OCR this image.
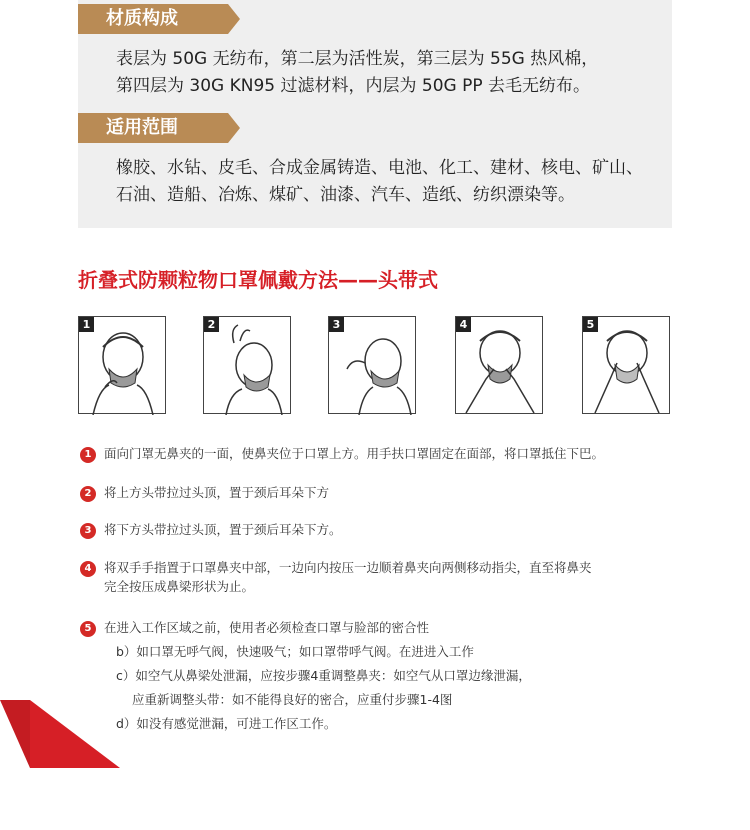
材质构成
表层为 50G 无纺布，第二层为活性炭，第三层为 55G 热风棉，
第四层为 30G KN95 过滤材料，内层为 50G PP 去毛无纺布。
适用范围
橡胶、水钻、皮毛、合成金属铸造、电池、化工、建材、核电、矿山、
石油、造船、冶炼、煤矿、油漆、汽车、造纸、纺织漂染等。
折叠式防颗粒物口罩佩戴方法——头带式
1	2	3	4	5
1 面向门罩无鼻夹的一面，使鼻夹位于口罩上方。用手扶口罩固定在面部，将口罩抵住下巴。
2 将上方头带拉过头顶，置于颈后耳朵下方
3 将下方头带拉过头顶，置于颈后耳朵下方。
4 将双手手指置于口罩鼻夹中部，一边向内按压一边顺着鼻夹向两侧移动指尖，直至将鼻夹
完全按压成鼻梁形状为止。
5 在进入工作区域之前，使用者必须检查口罩与脸部的密合性
b）如口罩无呼气阀，快速吸气；如口罩带呼气阀。在进进入工作
c）如空气从鼻梁处泄漏，应按步骤4重调整鼻夹：如空气从口罩边缘泄漏，
应重新调整头带：如不能得良好的密合，应重付步骤1-4图
d）如没有感觉泄漏，可进工作区工作。
